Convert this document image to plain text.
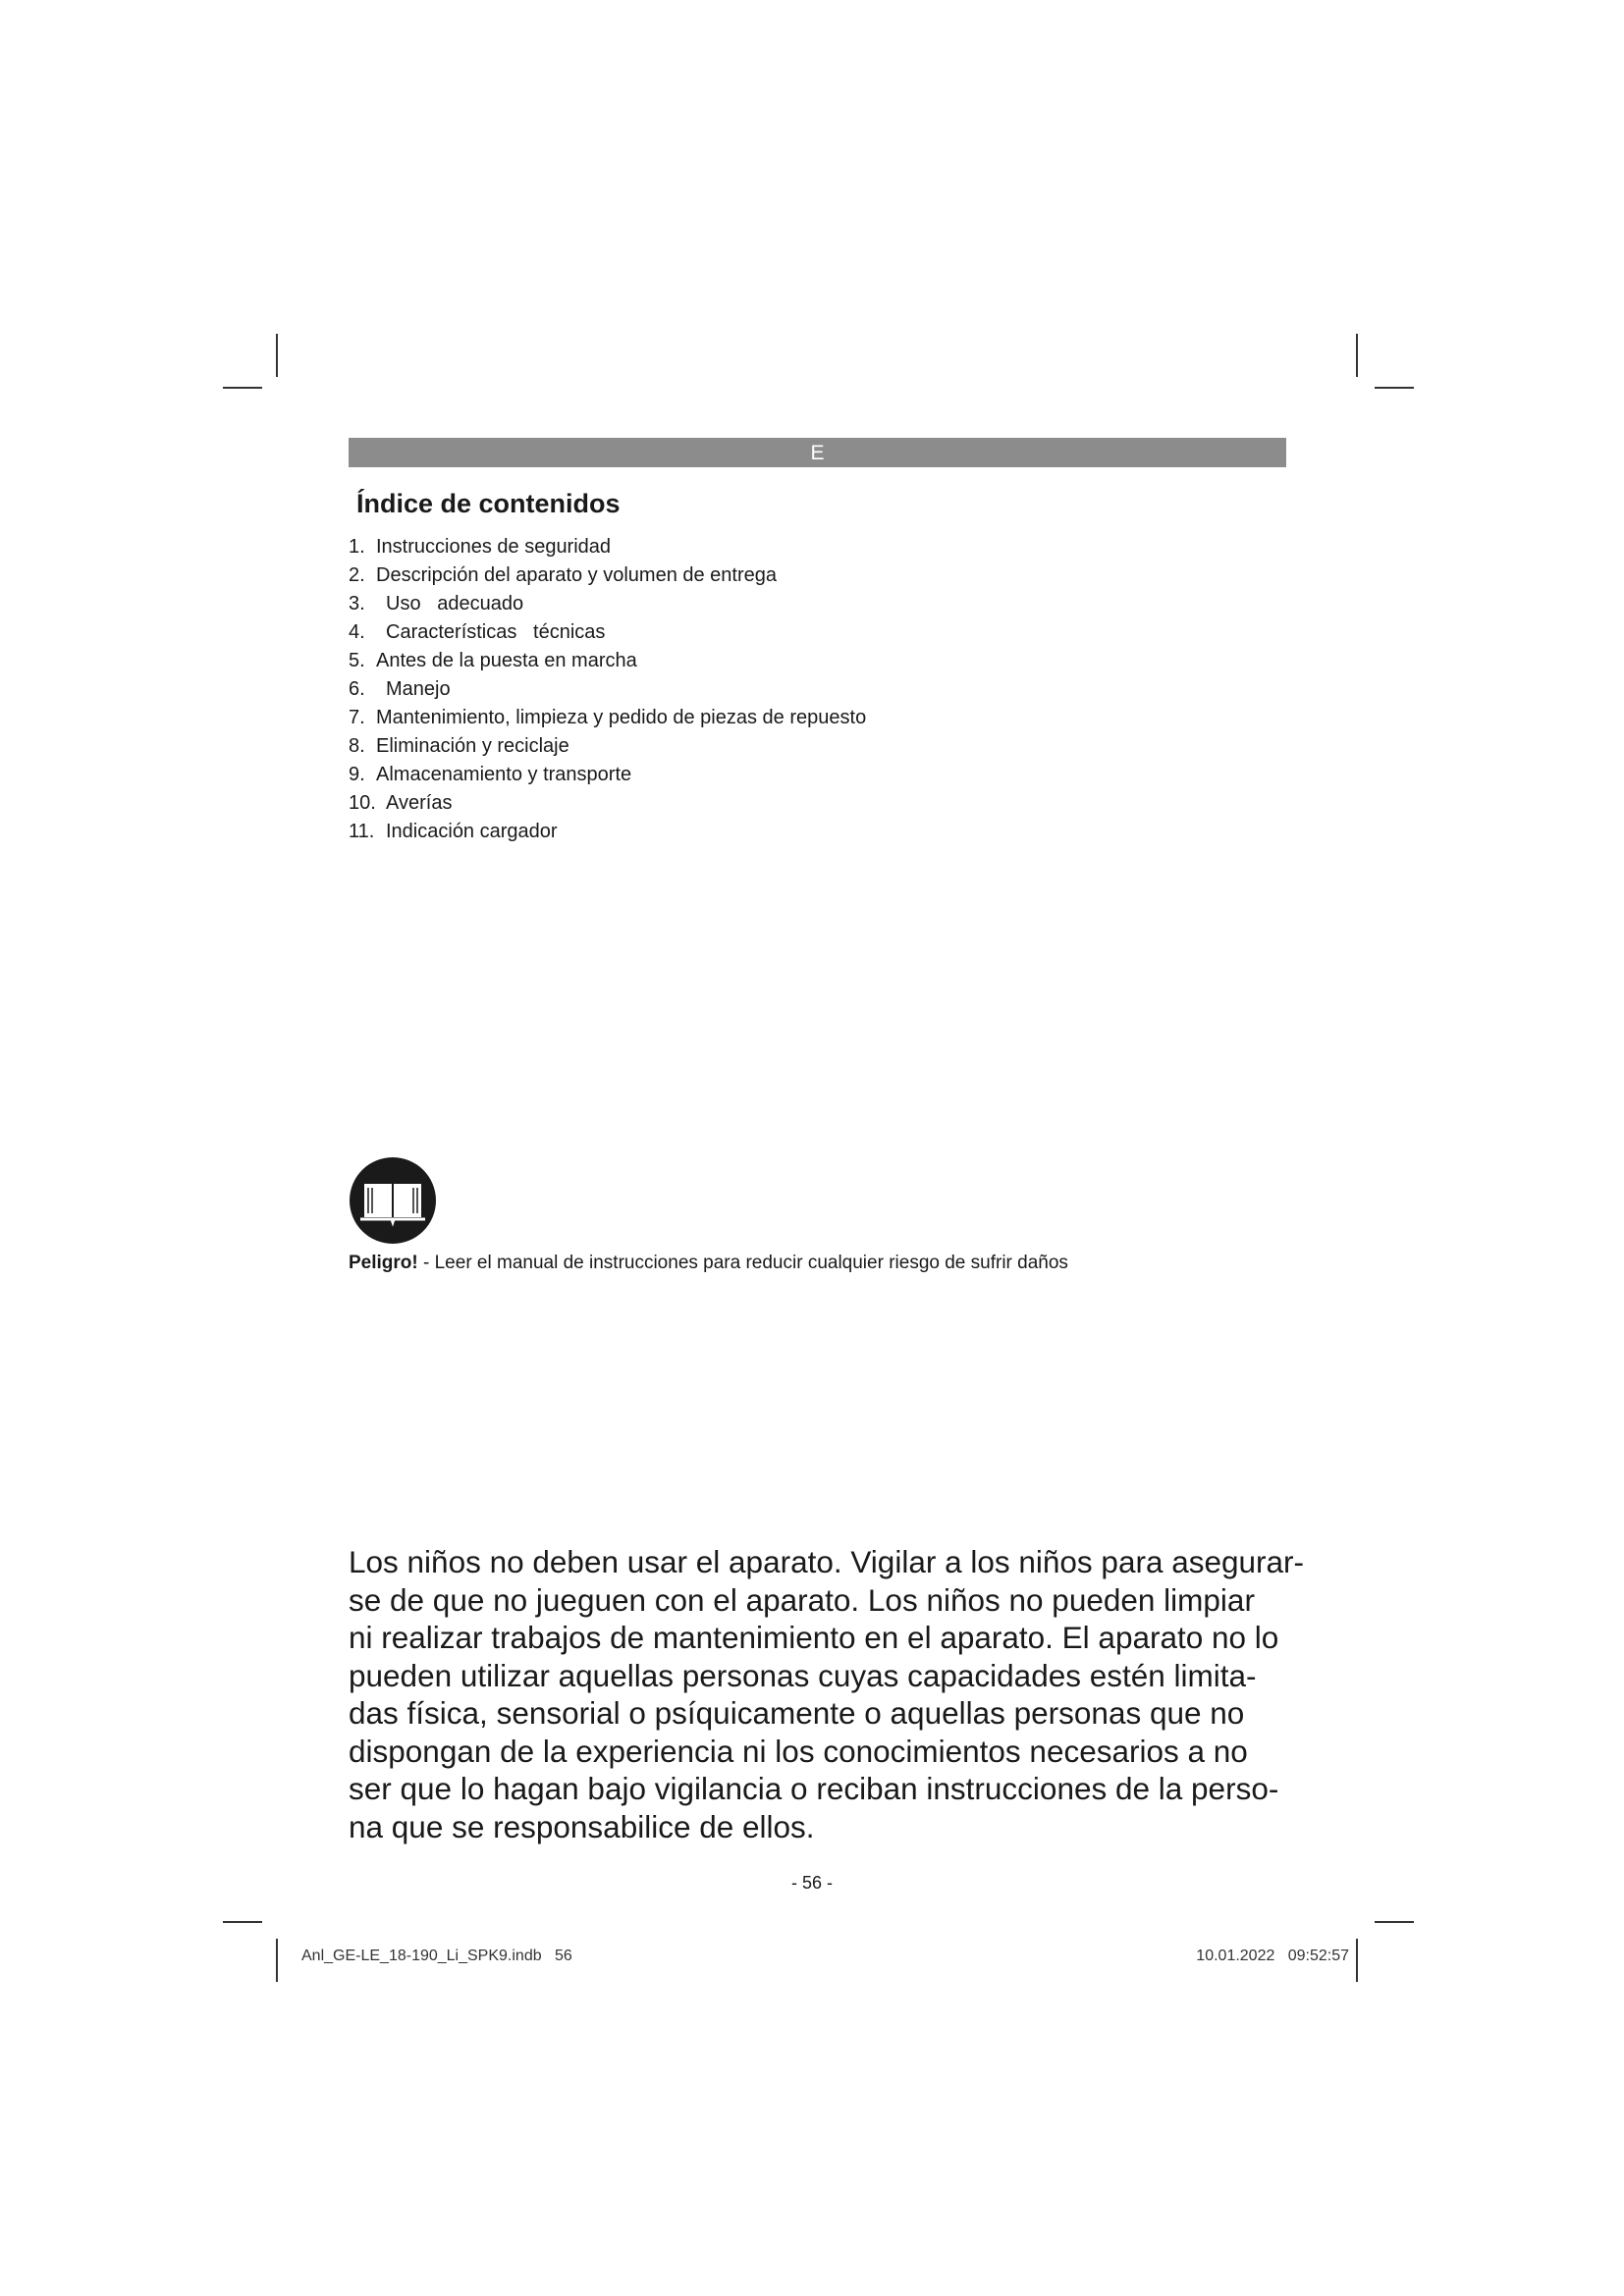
E
Índice de contenidos
1. Instrucciones de seguridad
2. Descripción del aparato y volumen de entrega
3.	Uso   adecuado
4.	Características   técnicas
5. Antes de la puesta en marcha
6.	Manejo
7. Mantenimiento, limpieza y pedido de piezas de repuesto
8. Eliminación y reciclaje
9. Almacenamiento y transporte
10. Averías
11. Indicación cargador
Peligro! - Leer el manual de instrucciones para reducir cualquier riesgo de sufrir daños

Los niños no deben usar el aparato. Vigilar a los niños para asegurar-
se de que no jueguen con el aparato. Los niños no pueden limpiar
ni realizar trabajos de mantenimiento en el aparato. El aparato no lo
pueden utilizar aquellas personas cuyas capacidades estén limita-
das física, sensorial o psíquicamente o aquellas personas que no
dispongan de la experiencia ni los conocimientos necesarios a no
ser que lo hagan bajo vigilancia o reciban instrucciones de la perso-
na que se responsabilice de ellos.

- 56 -
Anl_GE-LE_18-190_Li_SPK9.indb   56	10.01.2022   09:52:57
